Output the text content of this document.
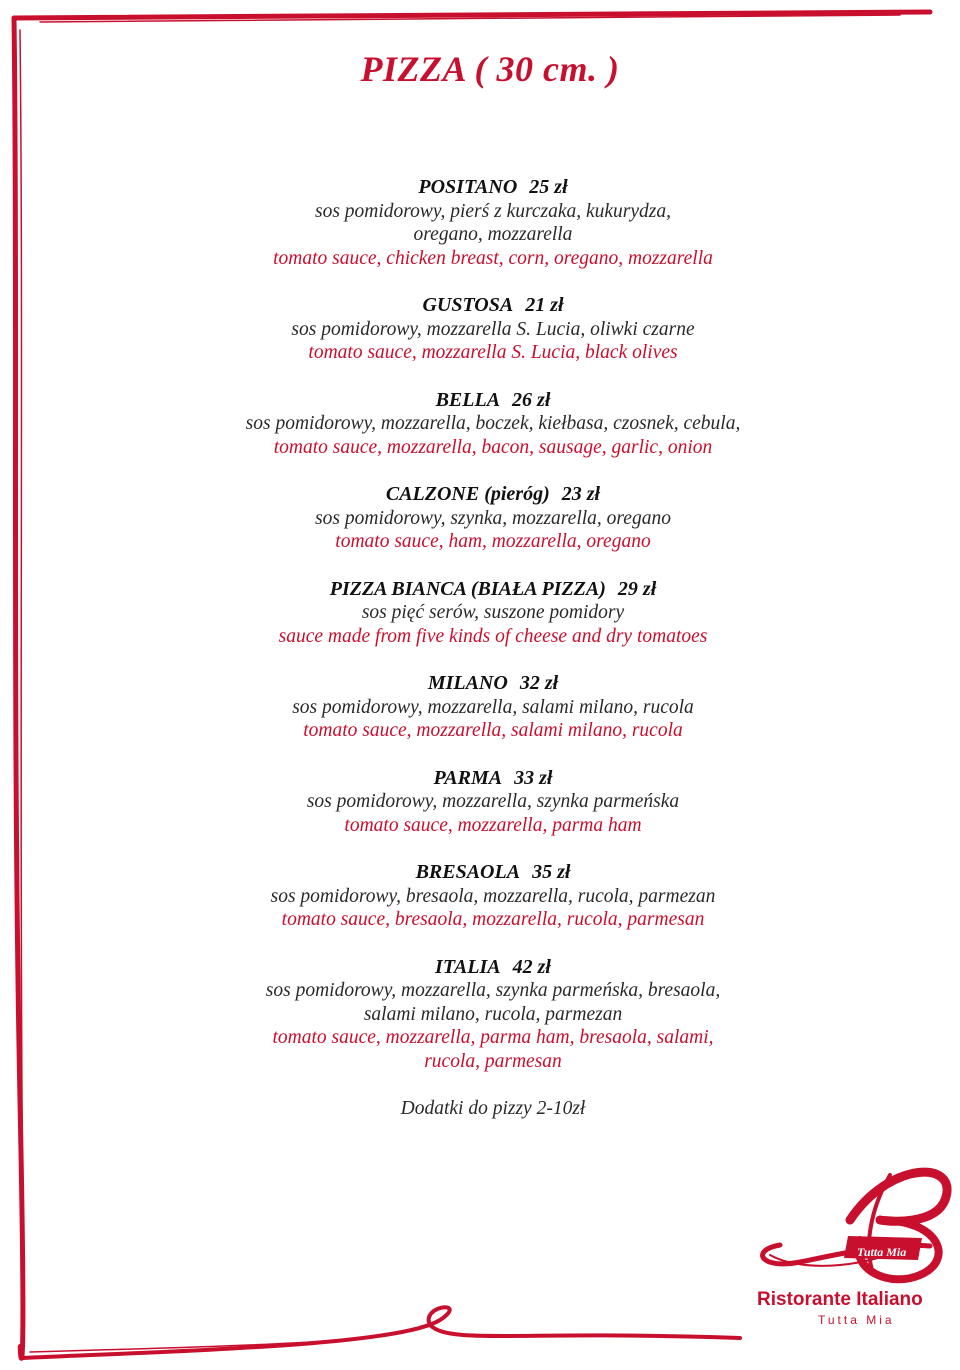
PIZZA ( 30 cm. )
POSITANO 25 zł
sos pomidorowy, pierś z kurczaka, kukurydza,
oregano, mozzarella
tomato sauce, chicken breast, corn, oregano, mozzarella
GUSTOSA 21 zł
sos pomidorowy, mozzarella S. Lucia, oliwki czarne
tomato sauce, mozzarella S. Lucia, black olives
BELLA 26 zł
sos pomidorowy, mozzarella, boczek, kiełbasa, czosnek, cebula,
tomato sauce, mozzarella, bacon, sausage, garlic, onion
CALZONE (pieróg) 23 zł
sos pomidorowy, szynka, mozzarella, oregano
tomato sauce, ham, mozzarella, oregano
PIZZA BIANCA (BIAŁA PIZZA) 29 zł
sos pięć serów, suszone pomidory
sauce made from five kinds of cheese and dry tomatoes
MILANO 32 zł
sos pomidorowy, mozzarella, salami milano, rucola
tomato sauce, mozzarella, salami milano, rucola
PARMA 33 zł
sos pomidorowy, mozzarella, szynka parmeńska
tomato sauce, mozzarella, parma ham
BRESAOLA 35 zł
sos pomidorowy, bresaola, mozzarella, rucola, parmezan
tomato sauce, bresaola, mozzarella, rucola, parmesan
ITALIA 42 zł
sos pomidorowy, mozzarella, szynka parmeńska, bresaola,
salami milano, rucola, parmezan
tomato sauce, mozzarella, parma ham, bresaola, salami,
rucola, parmesan
Dodatki do pizzy 2-10zł
Tutta Mia
Ristorante Italiano
Tutta Mia
